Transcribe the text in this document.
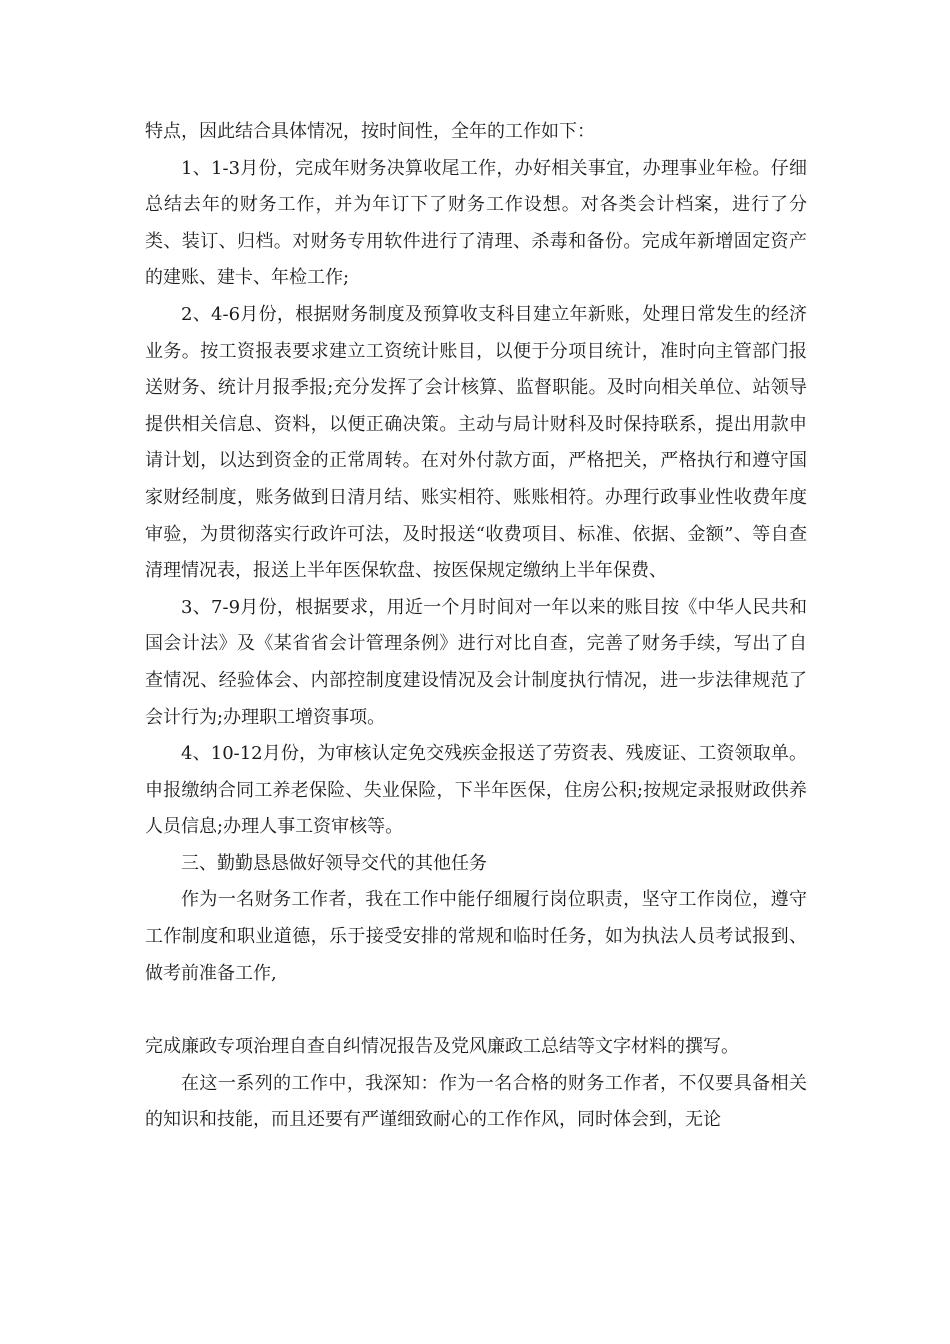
特点，因此结合具体情况，按时间性，全年的工作如下：

1、1-3月份，完成年财务决算收尾工作，办好相关事宜，办理事业年检。仔细总结去年的财务工作，并为年订下了财务工作设想。对各类会计档案，进行了分类、装订、归档。对财务专用软件进行了清理、杀毒和备份。完成年新增固定资产的建账、建卡、年检工作;

2、4-6月份，根据财务制度及预算收支科目建立年新账，处理日常发生的经济业务。按工资报表要求建立工资统计账目，以便于分项目统计，准时向主管部门报送财务、统计月报季报;充分发挥了会计核算、监督职能。及时向相关单位、站领导提供相关信息、资料，以便正确决策。主动与局计财科及时保持联系，提出用款申请计划，以达到资金的正常周转。在对外付款方面，严格把关，严格执行和遵守国家财经制度，账务做到日清月结、账实相符、账账相符。办理行政事业性收费年度审验，为贯彻落实行政许可法，及时报送“收费项目、标准、依据、金额”、等自查清理情况表，报送上半年医保软盘、按医保规定缴纳上半年保费、

3、7-9月份，根据要求，用近一个月时间对一年以来的账目按《中华人民共和国会计法》及《某省省会计管理条例》进行对比自查，完善了财务手续，写出了自查情况、经验体会、内部控制度建设情况及会计制度执行情况，进一步法律规范了会计行为;办理职工增资事项。

4、10-12月份，为审核认定免交残疾金报送了劳资表、残废证、工资领取单。申报缴纳合同工养老保险、失业保险，下半年医保，住房公积;按规定录报财政供养人员信息;办理人事工资审核等。

三、勤勤恳恳做好领导交代的其他任务

作为一名财务工作者，我在工作中能仔细履行岗位职责，坚守工作岗位，遵守工作制度和职业道德，乐于接受安排的常规和临时任务，如为执法人员考试报到、做考前准备工作,

完成廉政专项治理自查自纠情况报告及党风廉政工总结等文字材料的撰写。

在这一系列的工作中，我深知：作为一名合格的财务工作者，不仅要具备相关的知识和技能，而且还要有严谨细致耐心的工作作风，同时体会到，无论
